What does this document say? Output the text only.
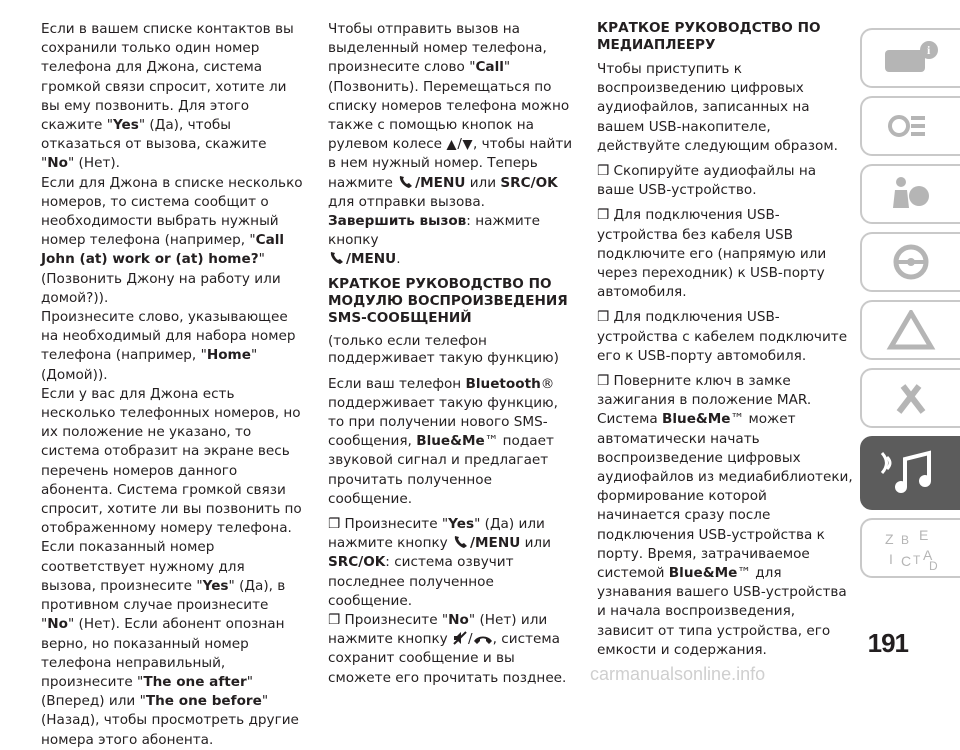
Если в вашем списке контактов вы сохранили только один номер телефона для Джона, система громкой связи спросит, хотите ли вы ему позвонить. Для этого скажите "Yes" (Да), чтобы отказаться от вызова, скажите "No" (Нет).

Если для Джона в списке несколько номеров, то система сообщит о необходимости выбрать нужный номер телефона (например, "Call John (at) work or (at) home?" (Позвонить Джону на работу или домой?)).

Произнесите слово, указывающее на необходимый для набора номер телефона (например, "Home" (Домой)).

Если у вас для Джона есть несколько телефонных номеров, но их положение не указано, то система отобразит на экране весь перечень номеров данного абонента. Система громкой связи спросит, хотите ли вы позвонить по отображенному номеру телефона. Если показанный номер соответствует нужному для вызова, произнесите "Yes" (Да), в противном случае произнесите "No" (Нет). Если абонент опознан верно, но показанный номер телефона неправильный, произнесите "The one after" (Вперед) или "The one before" (Назад), чтобы просмотреть другие номера этого абонента.

Чтобы отправить вызов на выделенный номер телефона, произнесите слово "Call" (Позвонить). Перемещаться по списку номеров телефона можно также с помощью кнопок на рулевом колесе / , чтобы найти в нем нужный номер. Теперь нажмите /MENU или SRC/OK для отправки вызова.

Завершить вызов: нажмите кнопку
/MENU.

КРАТКОЕ РУКОВОДСТВО ПО МОДУЛЮ ВОСПРОИЗВЕДЕНИЯ SMS-СООБЩЕНИЙ
(только если телефон поддерживает такую функцию)

Если ваш телефон Bluetooth® поддерживает такую функцию, то при получении нового SMS-сообщения, Blue&Me™ подает звуковой сигнал и предлагает прочитать полученное сообщение.

❒ Произнесите "Yes" (Да) или нажмите кнопку /MENU или SRC/OK: система озвучит последнее полученное сообщение.

❒ Произнесите "No" (Нет) или нажмите кнопку / , система сохранит сообщение и вы сможете его прочитать позднее.

КРАТКОЕ РУКОВОДСТВО ПО МЕДИАПЛЕЕРУ

Чтобы приступить к воспроизведению цифровых аудиофайлов, записанных на вашем USB-накопителе, действуйте следующим образом.

❒ Скопируйте аудиофайлы на ваше USB-устройство.

❒ Для подключения USB-устройства без кабеля USB подключите его (напрямую или через переходник) к USB-порту автомобиля.

❒ Для подключения USB-устройства с кабелем подключите его к USB-порту автомобиля.

❒ Поверните ключ в замке зажигания в положение MAR. Система Blue&Me™ может автоматически начать воспроизведение цифровых аудиофайлов из медиабиблиотеки, формирование которой начинается сразу после подключения USB-устройства к порту. Время, затрачиваемое системой Blue&Me™ для узнавания вашего USB-устройства и начала воспроизведения, зависит от типа устройства, его емкости и содержания.

i
Z B E
I C T A
D
191
carmanualsonline.info
